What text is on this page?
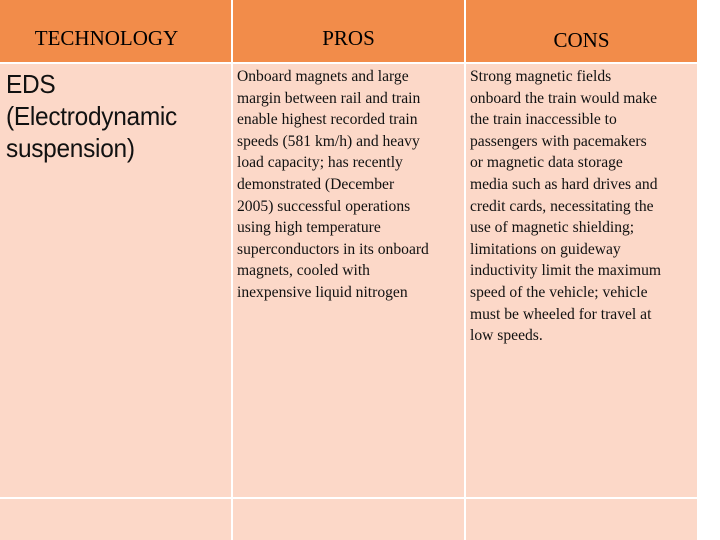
TECHNOLOGY	PROS	CONS
EDS
(Electrodynamic
suspension)
Onboard magnets and large
margin between rail and train
enable highest recorded train
speeds (581 km/h) and heavy
load capacity; has recently
demonstrated (December
2005) successful operations
using high temperature
superconductors in its onboard
magnets, cooled with
inexpensive liquid nitrogen
Strong magnetic fields
onboard the train would make
the train inaccessible to
passengers with pacemakers
or magnetic data storage
media such as hard drives and
credit cards, necessitating the
use of magnetic shielding;
limitations on guideway
inductivity limit the maximum
speed of the vehicle; vehicle
must be wheeled for travel at
low speeds.
